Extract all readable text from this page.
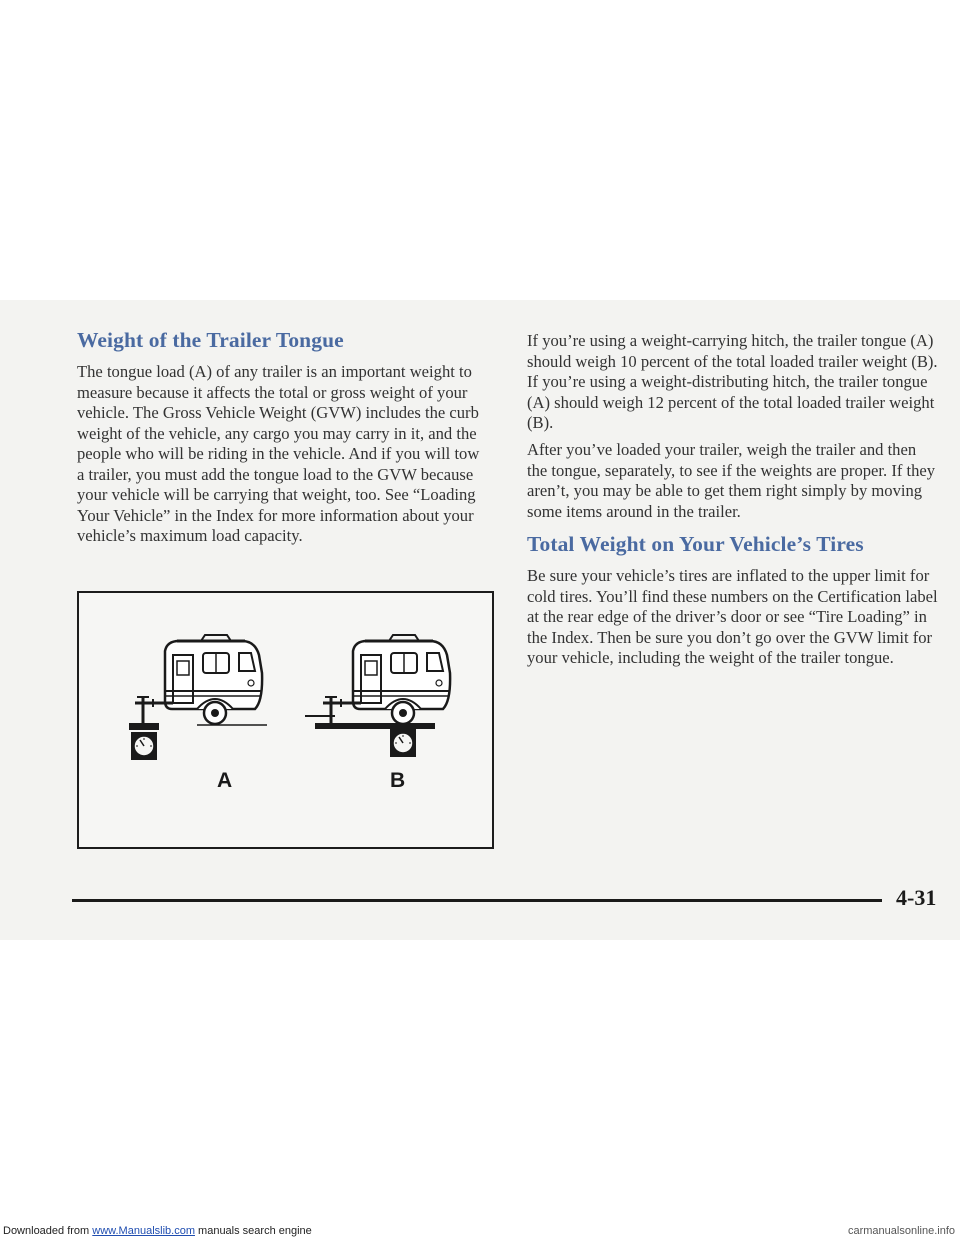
Weight of the Trailer Tongue

The tongue load (A) of any trailer is an important weight to measure because it affects the total or gross weight of your vehicle. The Gross Vehicle Weight (GVW) includes the curb weight of the vehicle, any cargo you may carry in it, and the people who will be riding in the vehicle. And if you will tow a trailer, you must add the tongue load to the GVW because your vehicle will be carrying that weight, too. See “Loading Your Vehicle” in the Index for more information about your vehicle’s maximum load capacity.

A	B

If you’re using a weight-carrying hitch, the trailer tongue (A) should weigh 10 percent of the total loaded trailer weight (B). If you’re using a weight-distributing hitch, the trailer tongue (A) should weigh 12 percent of the total loaded trailer weight (B).

After you’ve loaded your trailer, weigh the trailer and then the tongue, separately, to see if the weights are proper. If they aren’t, you may be able to get them right simply by moving some items around in the trailer.

Total Weight on Your Vehicle’s Tires

Be sure your vehicle’s tires are inflated to the upper limit for cold tires. You’ll find these numbers on the Certification label at the rear edge of the driver’s door or see “Tire Loading” in the Index. Then be sure you don’t go over the GVW limit for your vehicle, including the weight of the trailer tongue.

4-31
Downloaded from www.Manualslib.com manuals search engine	carmanualsonline.info
